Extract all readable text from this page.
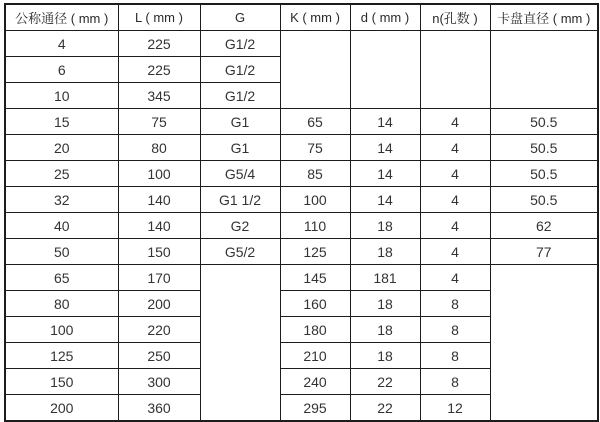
公称通径 ( mm )	L ( mm )	G	K ( mm )	d ( mm )	n(孔数 )	卡盘直径 ( mm )
4	225	G1/2				
6	225	G1/2				
10	345	G1/2				
15	75	G1	65	14	4	50.5
20	80	G1	75	14	4	50.5
25	100	G5/4	85	14	4	50.5
32	140	G1 1/2	100	14	4	50.5
40	140	G2	110	18	4	62
50	150	G5/2	125	18	4	77
65	170		145	181	4	
80	200		160	18	8	
100	220		180	18	8	
125	250		210	18	8	
150	300		240	22	8	
200	360		295	22	12	
